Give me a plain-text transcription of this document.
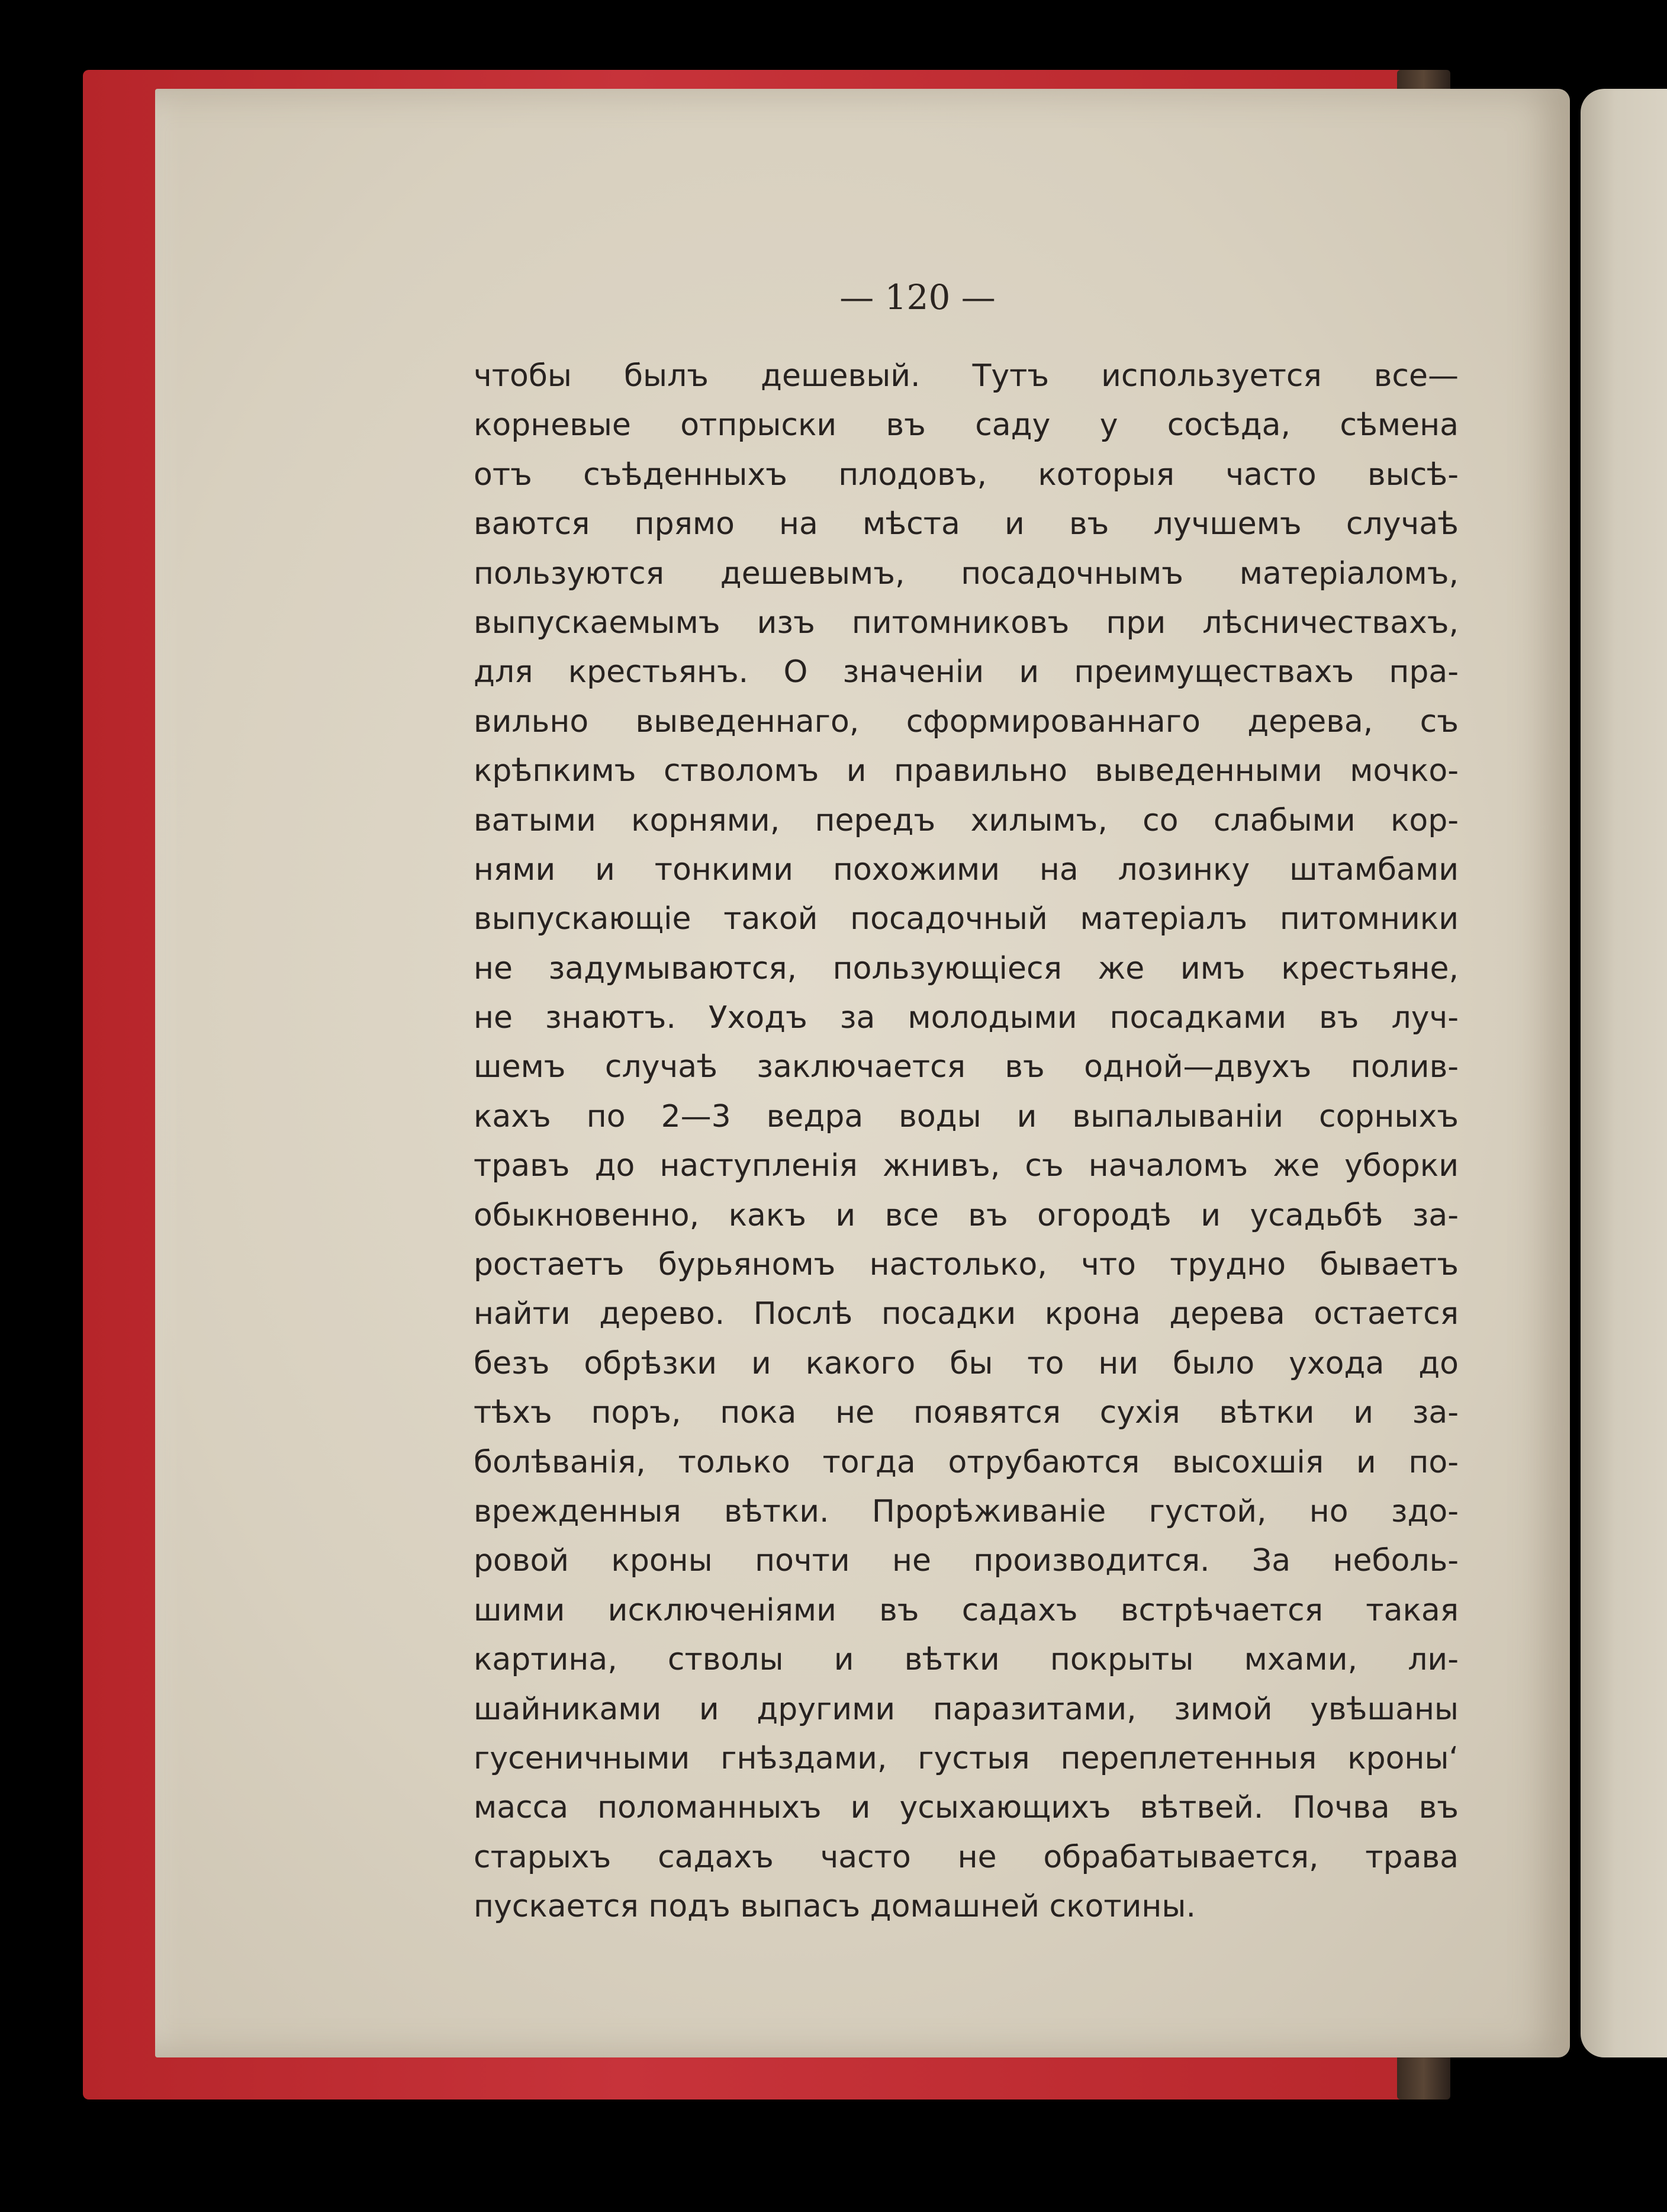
— 120 —
чтобы былъ дешевый. Тутъ используется все—
корневые отпрыски въ саду у сосѣда, сѣмена
отъ съѣденныхъ плодовъ, которыя часто высѣ-
ваются прямо на мѣста и въ лучшемъ случаѣ
пользуются дешевымъ, посадочнымъ матеріаломъ,
выпускаемымъ изъ питомниковъ при лѣсничествахъ,
для крестьянъ. О значеніи и преимуществахъ пра-
вильно выведеннаго, сформированнаго дерева, съ
крѣпкимъ стволомъ и правильно выведенными мочко-
ватыми корнями, передъ хилымъ, со слабыми кор-
нями и тонкими похожими на лозинку штамбами
выпускающіе такой посадочный матеріалъ питомники
не задумываются, пользующіеся же имъ крестьяне,
не знаютъ. Уходъ за молодыми посадками въ луч-
шемъ случаѣ заключается въ одной—двухъ полив-
кахъ по 2—3 ведра воды и выпалываніи сорныхъ
травъ до наступленія жнивъ, съ началомъ же уборки
обыкновенно, какъ и все въ огородѣ и усадьбѣ за-
ростаетъ бурьяномъ настолько, что трудно бываетъ
найти дерево. Послѣ посадки крона дерева остается
безъ обрѣзки и какого бы то ни было ухода до
тѣхъ поръ, пока не появятся сухія вѣтки и за-
болѣванія, только тогда отрубаются высохшія и по-
врежденныя вѣтки. Прорѣживаніе густой, но здо-
ровой кроны почти не производится. За неболь-
шими исключеніями въ садахъ встрѣчается такая
картина, стволы и вѣтки покрыты мхами, ли-
шайниками и другими паразитами, зимой увѣшаны
гусеничными гнѣздами, густыя переплетенныя кроны‘
масса поломанныхъ и усыхающихъ вѣтвей. Почва въ
старыхъ садахъ часто не обрабатывается, трава
пускается подъ выпасъ домашней скотины.
